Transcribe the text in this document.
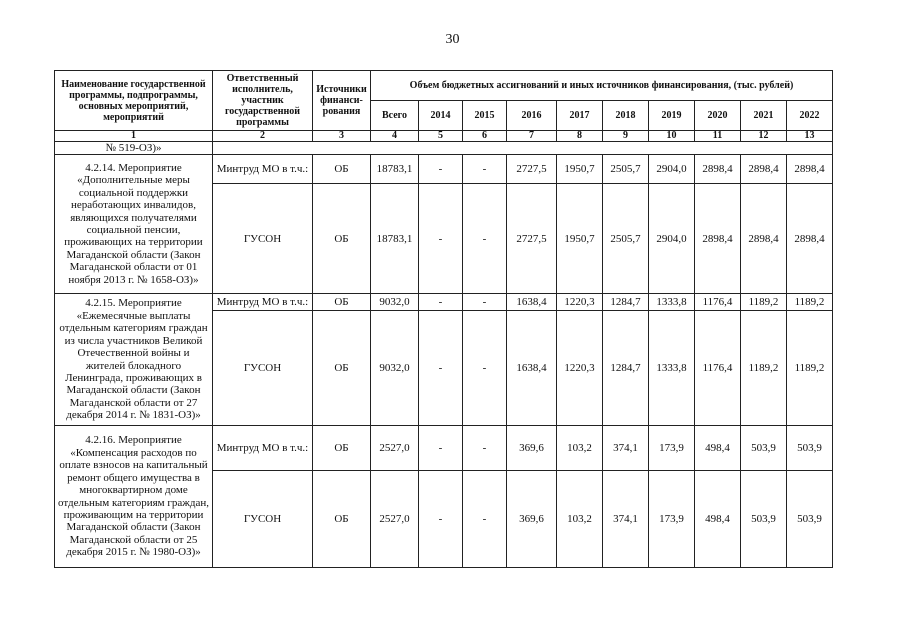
30
Наименование государственной программы, подпрограммы, основных мероприятий, мероприятий	Ответственный исполнитель, участник государственной программы	Источники финанси-рования	Объем бюджетных ассигнований и иных источников финансирования, (тыс. рублей)									
			Всего	2014	2015	2016	2017	2018	2019	2020	2021	2022
1	2	3	4	5	6	7	8	9	10	11	12	13
№ 519-ОЗ)»												
4.2.14. Мероприятие «Дополнительные меры социальной поддержки неработающих инвалидов, являющихся получателями социальной пенсии, проживающих на территории Магаданской области (Закон Магаданской области от 01 ноября 2013 г. № 1658-ОЗ)»	Минтруд МО в т.ч.:	ОБ	18783,1	-	-	2727,5	1950,7	2505,7	2904,0	2898,4	2898,4	2898,4
	ГУСОН	ОБ	18783,1	-	-	2727,5	1950,7	2505,7	2904,0	2898,4	2898,4	2898,4
4.2.15. Мероприятие «Ежемесячные выплаты отдельным категориям граждан из числа участников Великой Отечественной войны и жителей блокадного Ленинграда, проживающих в Магаданской области (Закон Магаданской области от 27 декабря 2014 г. № 1831-ОЗ)»	Минтруд МО в т.ч.:	ОБ	9032,0	-	-	1638,4	1220,3	1284,7	1333,8	1176,4	1189,2	1189,2
	ГУСОН	ОБ	9032,0	-	-	1638,4	1220,3	1284,7	1333,8	1176,4	1189,2	1189,2
4.2.16. Мероприятие «Компенсация расходов по оплате взносов на капитальный ремонт общего имущества в многоквартирном доме отдельным категориям граждан, проживающим на территории Магаданской области (Закон Магаданской области от 25 декабря 2015 г. № 1980-ОЗ)»	Минтруд МО в т.ч.:	ОБ	2527,0	-	-	369,6	103,2	374,1	173,9	498,4	503,9	503,9
	ГУСОН	ОБ	2527,0	-	-	369,6	103,2	374,1	173,9	498,4	503,9	503,9
